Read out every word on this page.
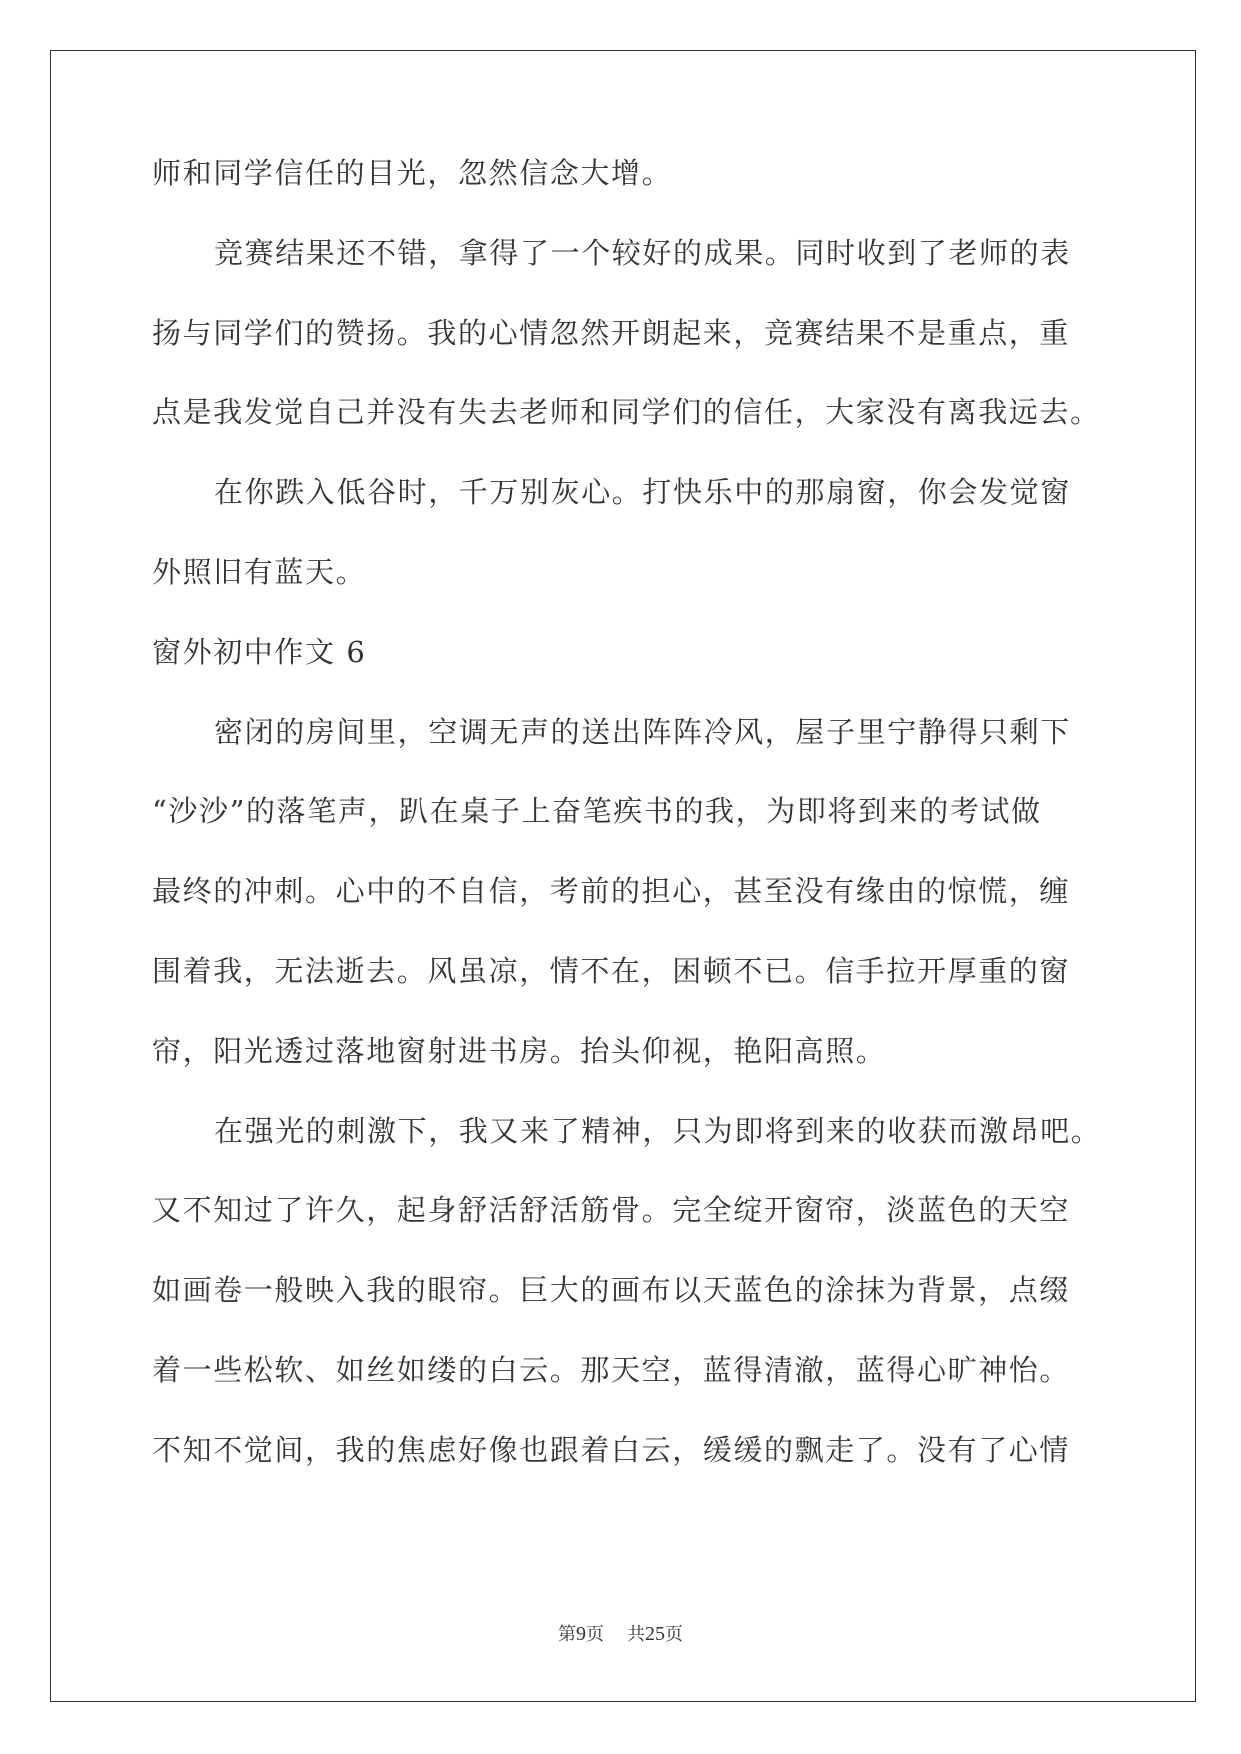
师和同学信任的目光，忽然信念大增。
竞赛结果还不错，拿得了一个较好的成果。同时收到了老师的表
扬与同学们的赞扬。我的心情忽然开朗起来，竞赛结果不是重点，重
点是我发觉自己并没有失去老师和同学们的信任，大家没有离我远去。
在你跌入低谷时，千万别灰心。打快乐中的那扇窗，你会发觉窗
外照旧有蓝天。
窗外初中作文 6
密闭的房间里，空调无声的送出阵阵冷风，屋子里宁静得只剩下
“沙沙”的落笔声，趴在桌子上奋笔疾书的我，为即将到来的考试做
最终的冲刺。心中的不自信，考前的担心，甚至没有缘由的惊慌，缠
围着我，无法逝去。风虽凉，情不在，困顿不已。信手拉开厚重的窗
帘，阳光透过落地窗射进书房。抬头仰视，艳阳高照。
在强光的刺激下，我又来了精神，只为即将到来的收获而激昂吧。
又不知过了许久，起身舒活舒活筋骨。完全绽开窗帘，淡蓝色的天空
如画卷一般映入我的眼帘。巨大的画布以天蓝色的涂抹为背景，点缀
着一些松软、如丝如缕的白云。那天空，蓝得清澈，蓝得心旷神怡。
不知不觉间，我的焦虑好像也跟着白云，缓缓的飘走了。没有了心情
第9页 共25页
